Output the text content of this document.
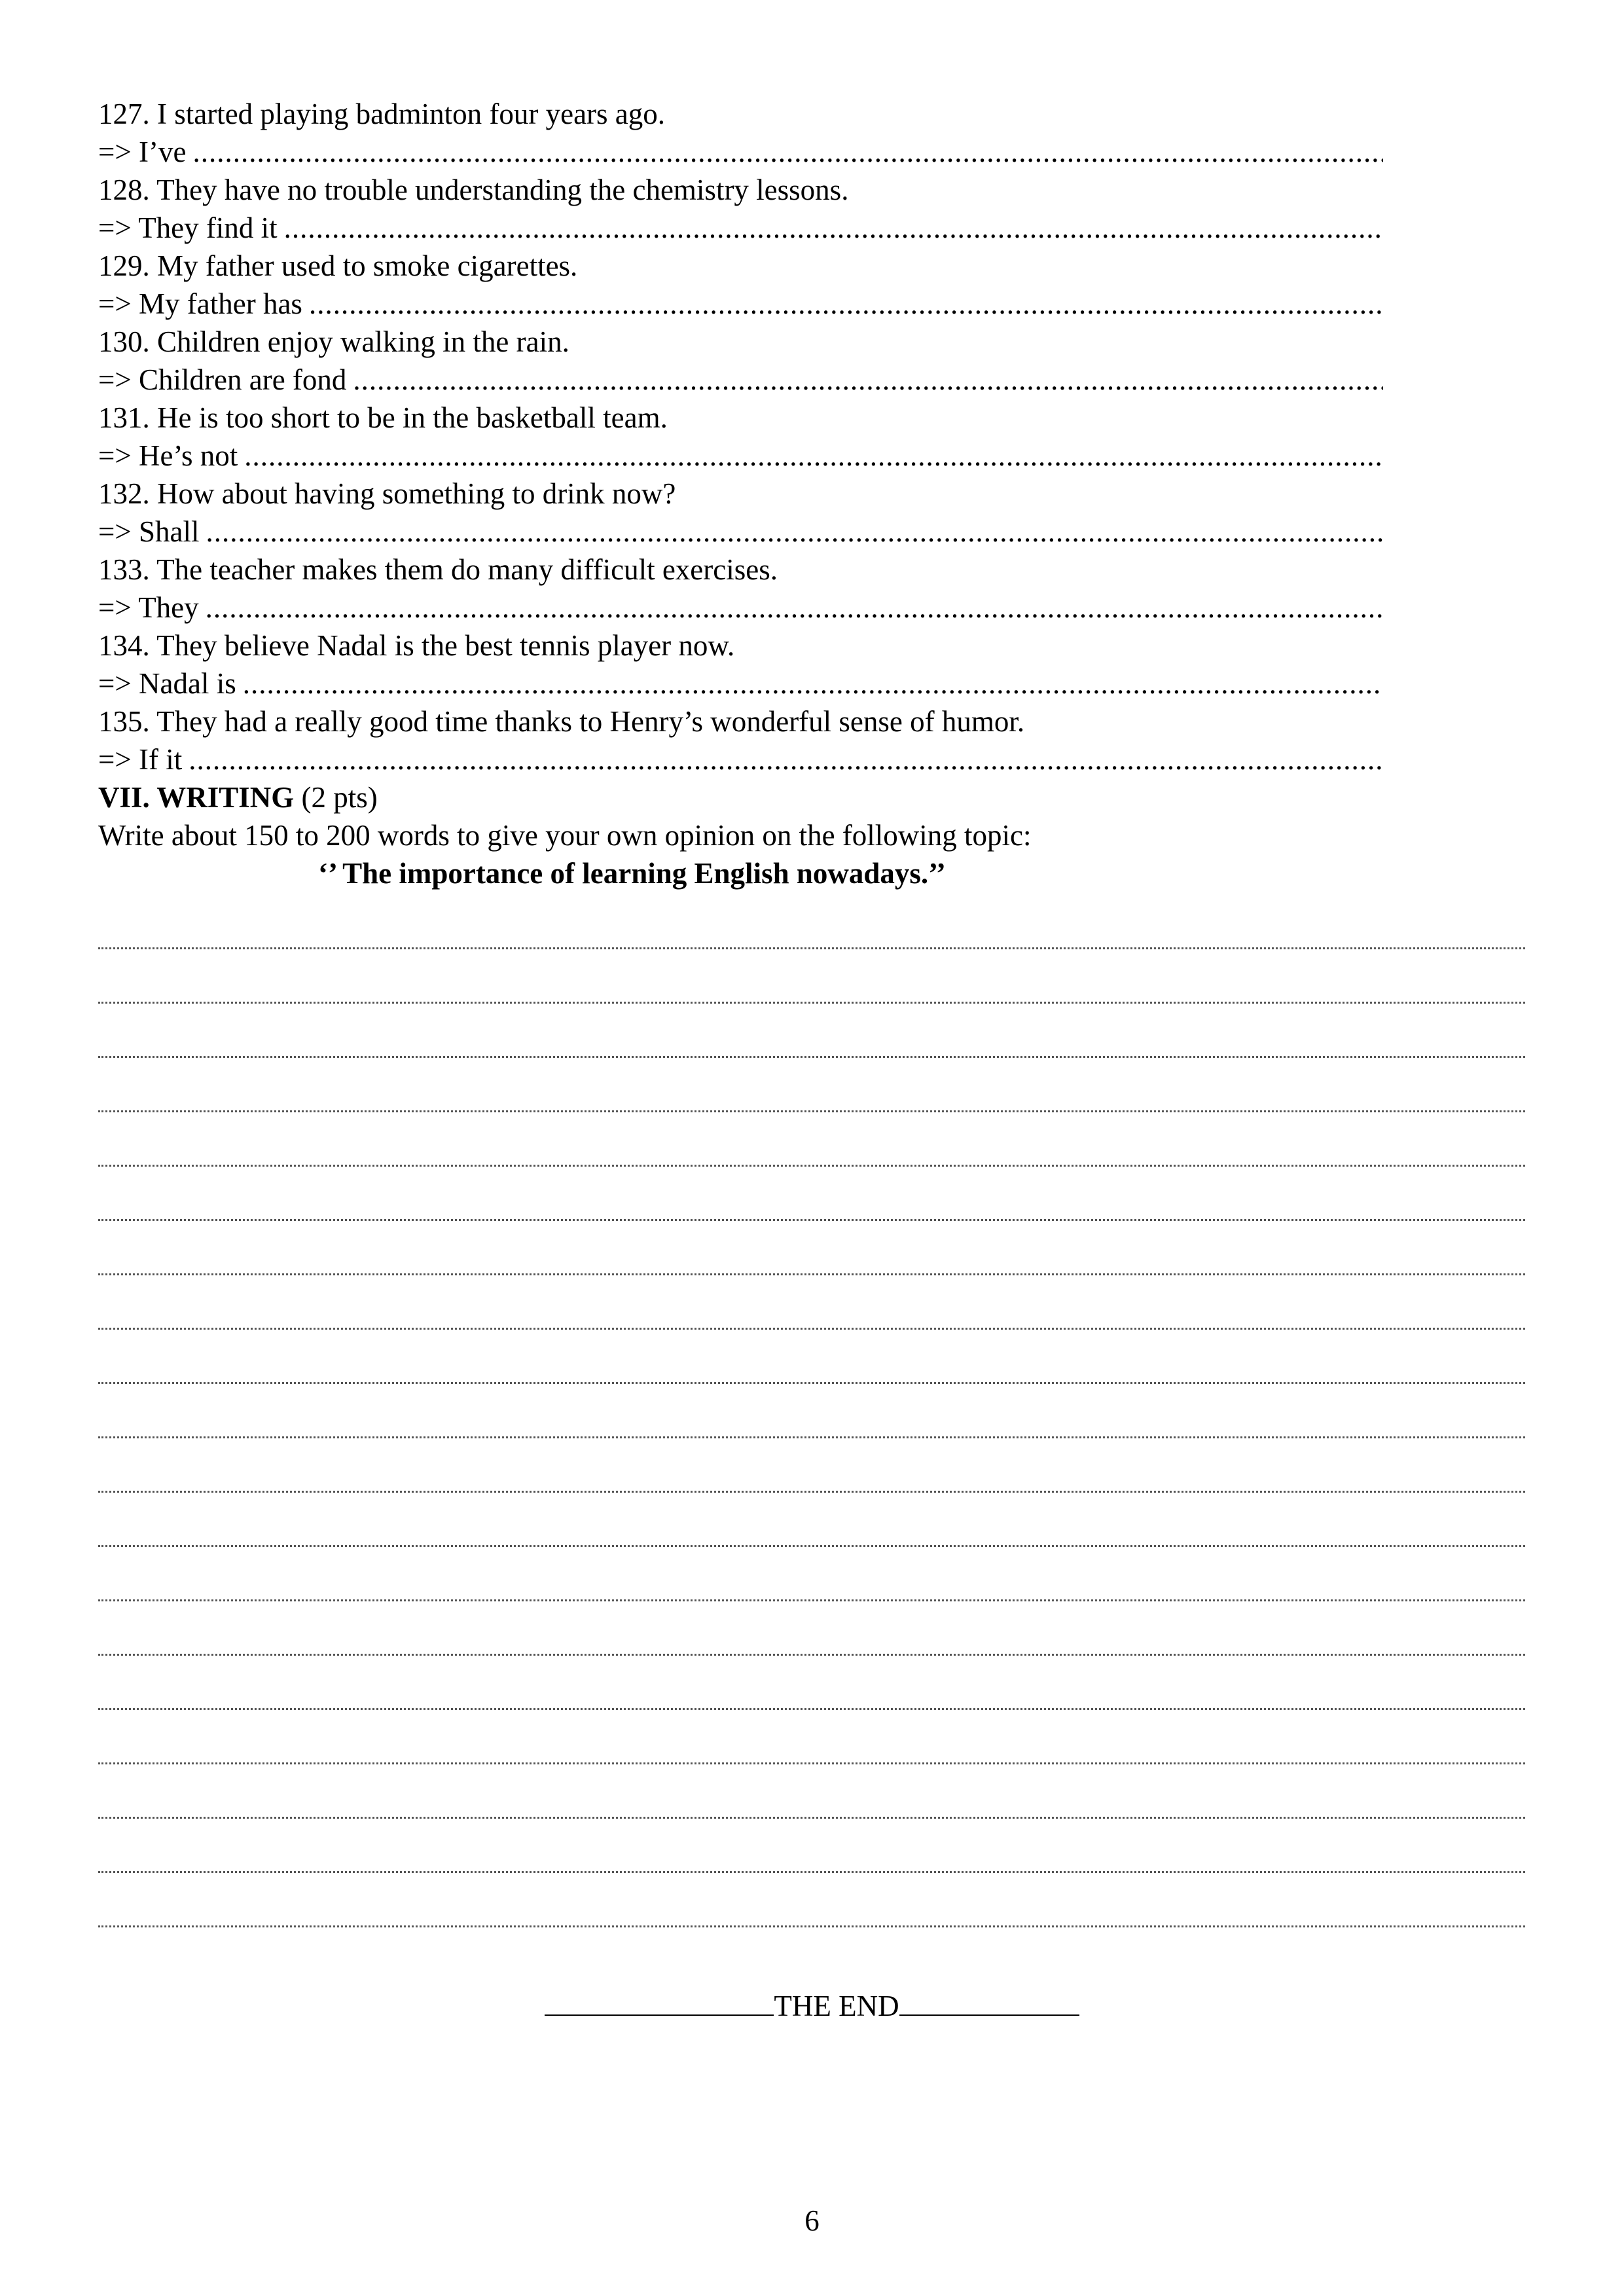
127. I started playing badminton four years ago.
=> I’ve
.....
128. They have no trouble understanding the chemistry lessons.
=> They find it
.....
129. My father used to smoke cigarettes.
=> My father has
.....
130. Children enjoy walking in the rain.
=> Children are fond
.....
131. He is too short to be in the basketball team.
=> He’s not
.....
132. How about having something to drink now?
=> Shall
.....
133. The teacher makes them do many difficult exercises.
=> They
.....
134. They believe Nadal is the best tennis player now.
=> Nadal is
.....
135. They had a really good time thanks to Henry’s wonderful sense of humor.
=> If it
.....
VII. WRITING (2 pts)
Write about 150 to 200 words to give your own opinion on the following topic:
‘’ The importance of learning English nowadays.’’
THE END
6
